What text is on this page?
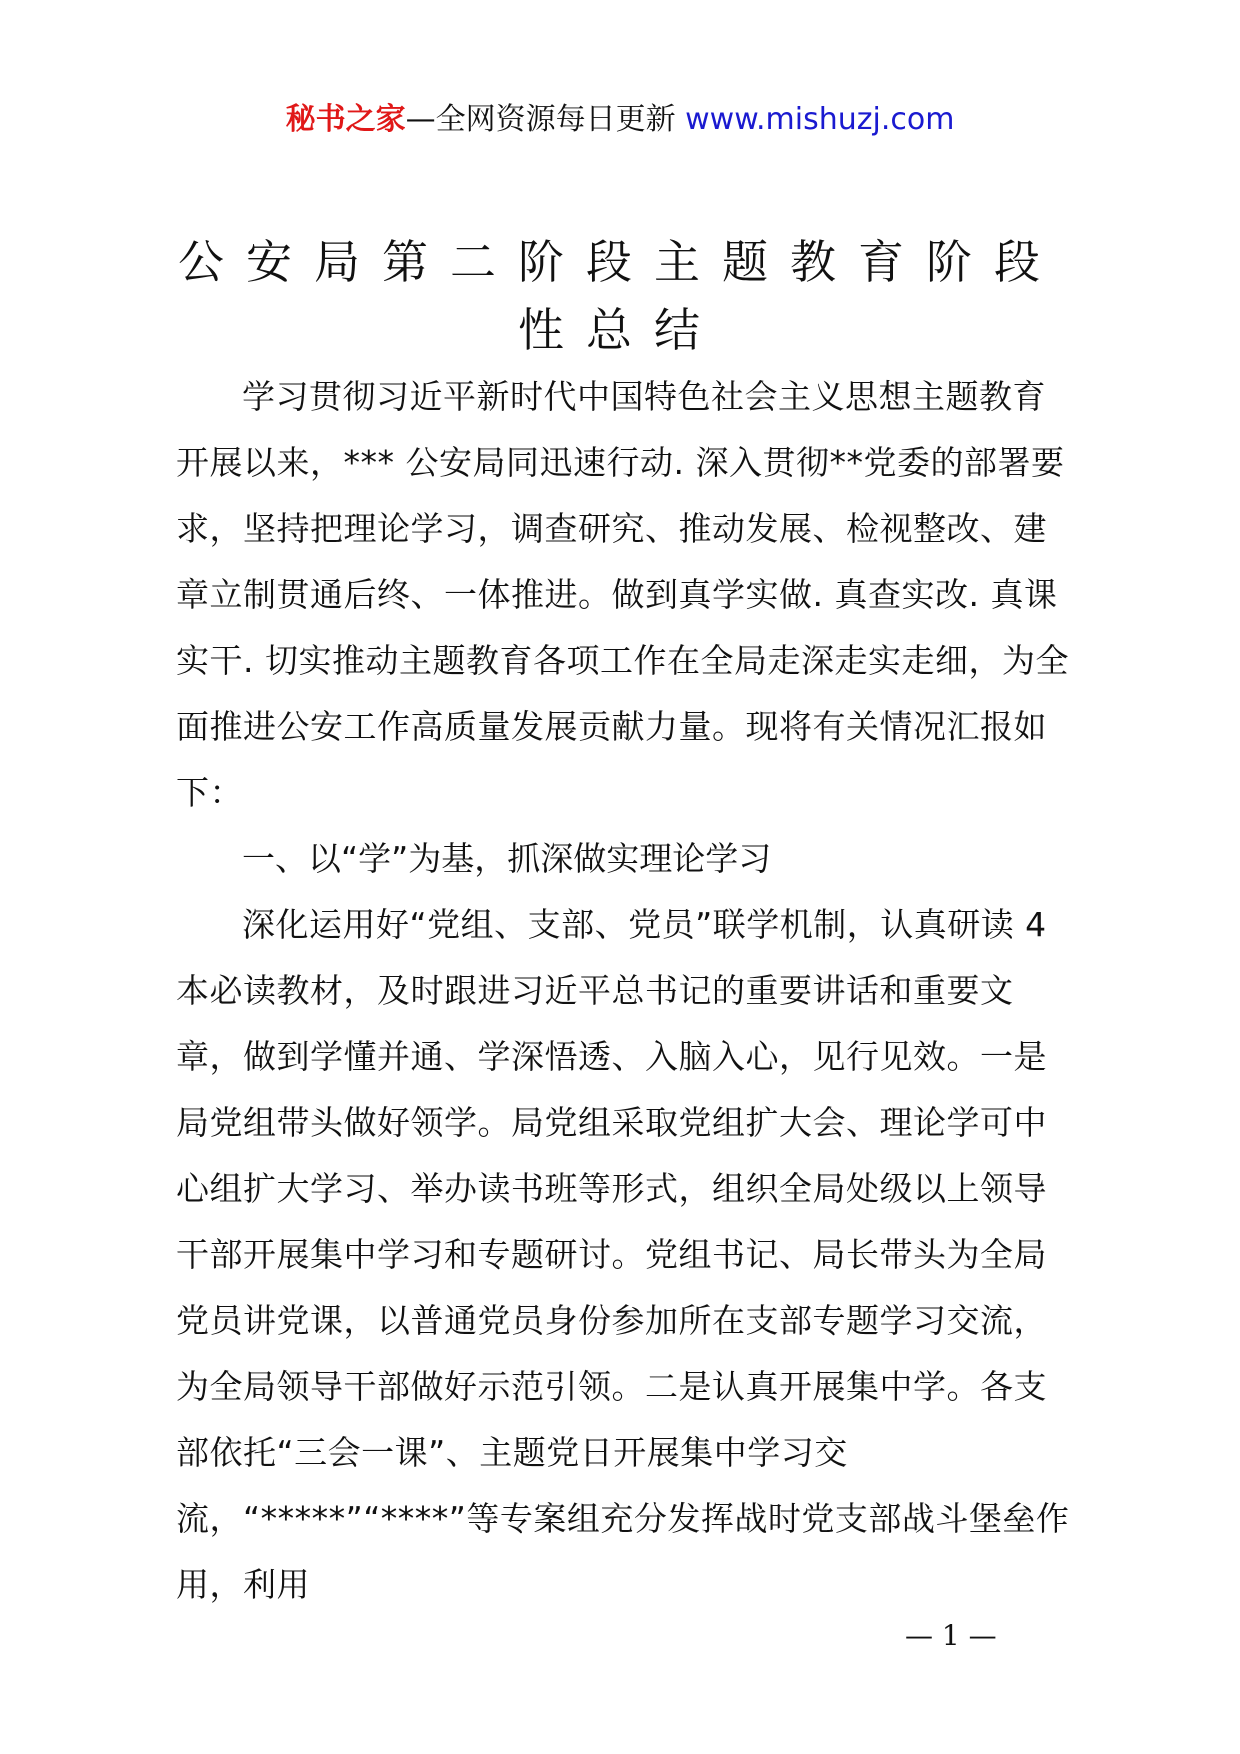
秘书之家—全网资源每日更新 www.mishuzj.com
公安局第二阶段主题教育阶段性总结

学习贯彻习近平新时代中国特色社会主义思想主题教育开展以来，*** 公安局同迅速行动. 深入贯彻**党委的部署要求，坚持把理论学习，调查研究、推动发展、检视整改、建章立制贯通后终、一体推进。做到真学实做. 真查实改. 真课实干. 切实推动主题教育各项工作在全局走深走实走细，为全面推进公安工作高质量发展贡献力量。现将有关情况汇报如下：

一、以“学”为基，抓深做实理论学习

深化运用好“党组、支部、党员”联学机制，认真研读 4 本必读教材，及时跟进习近平总书记的重要讲话和重要文章，做到学懂并通、学深悟透、入脑入心，见行见效。一是局党组带头做好领学。局党组采取党组扩大会、理论学可中心组扩大学习、举办读书班等形式，组织全局处级以上领导干部开展集中学习和专题研讨。党组书记、局长带头为全局党员讲党课，以普通党员身份参加所在支部专题学习交流，为全局领导干部做好示范引领。二是认真开展集中学。各支部依托“三会一课”、主题党日开展集中学习交流，“*****”“****”等专案组充分发挥战时党支部战斗堡垒作用，利用

— 1 —
